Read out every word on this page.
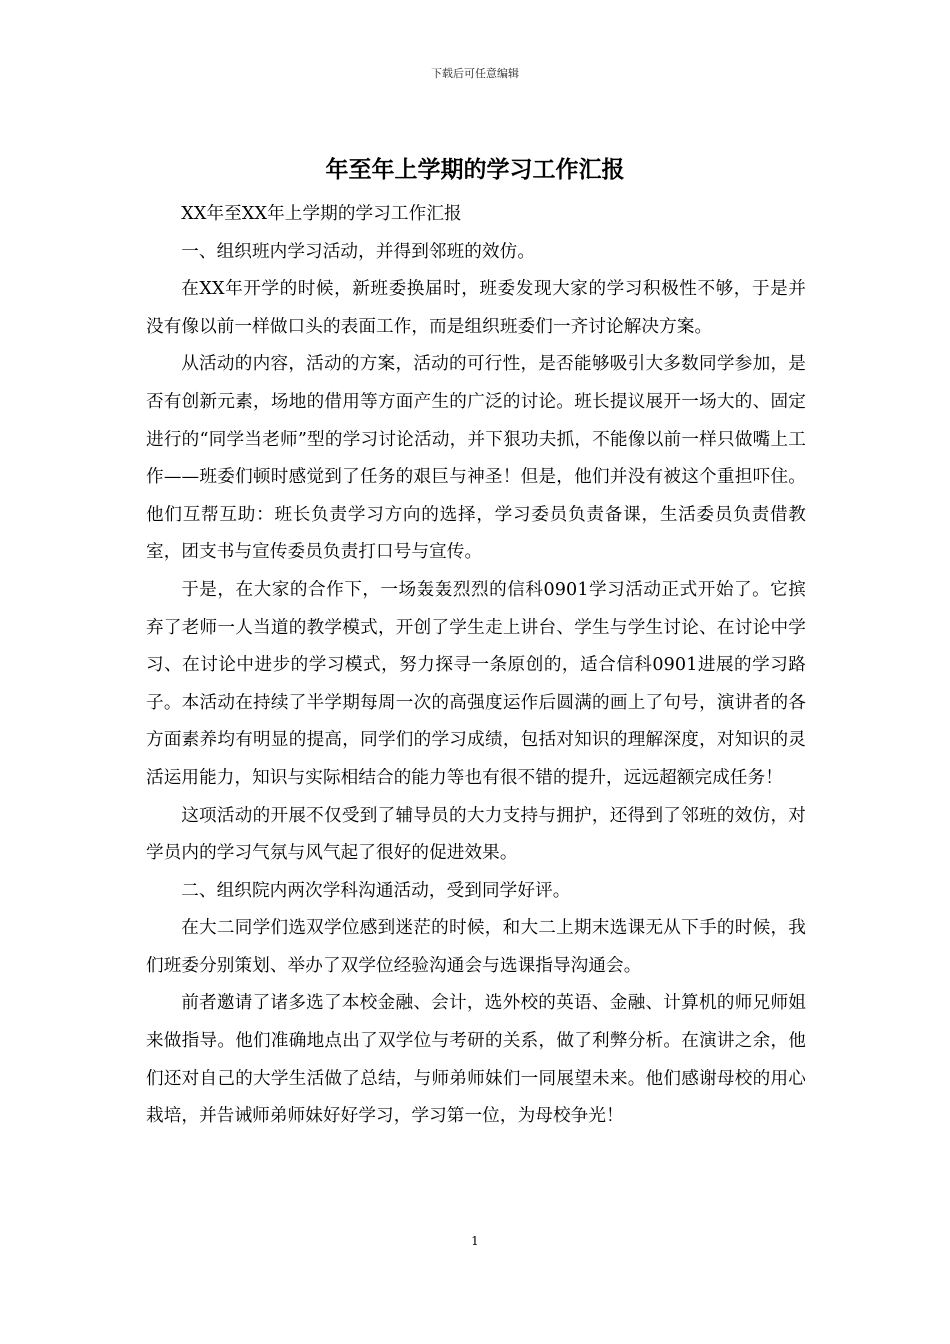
下载后可任意编辑
年至年上学期的学习工作汇报

XX年至XX年上学期的学习工作汇报

一、组织班内学习活动，并得到邻班的效仿。

在XX年开学的时候，新班委换届时，班委发现大家的学习积极性不够，于是并没有像以前一样做口头的表面工作，而是组织班委们一齐讨论解决方案。

从活动的内容，活动的方案，活动的可行性，是否能够吸引大多数同学参加，是否有创新元素，场地的借用等方面产生的广泛的讨论。班长提议展开一场大的、固定进行的“同学当老师”型的学习讨论活动，并下狠功夫抓，不能像以前一样只做嘴上工作——班委们顿时感觉到了任务的艰巨与神圣！但是，他们并没有被这个重担吓住。他们互帮互助：班长负责学习方向的选择，学习委员负责备课，生活委员负责借教室，团支书与宣传委员负责打口号与宣传。

于是，在大家的合作下，一场轰轰烈烈的信科0901学习活动正式开始了。它摈弃了老师一人当道的教学模式，开创了学生走上讲台、学生与学生讨论、在讨论中学习、在讨论中进步的学习模式，努力探寻一条原创的，适合信科0901进展的学习路子。本活动在持续了半学期每周一次的高强度运作后圆满的画上了句号，演讲者的各方面素养均有明显的提高，同学们的学习成绩，包括对知识的理解深度，对知识的灵活运用能力，知识与实际相结合的能力等也有很不错的提升，远远超额完成任务！

这项活动的开展不仅受到了辅导员的大力支持与拥护，还得到了邻班的效仿，对学员内的学习气氛与风气起了很好的促进效果。

二、组织院内两次学科沟通活动，受到同学好评。

在大二同学们选双学位感到迷茫的时候，和大二上期末选课无从下手的时候，我们班委分别策划、举办了双学位经验沟通会与选课指导沟通会。

前者邀请了诸多选了本校金融、会计，选外校的英语、金融、计算机的师兄师姐来做指导。他们准确地点出了双学位与考研的关系，做了利弊分析。在演讲之余，他们还对自己的大学生活做了总结，与师弟师妹们一同展望未来。他们感谢母校的用心栽培，并告诫师弟师妹好好学习，学习第一位，为母校争光！

1
